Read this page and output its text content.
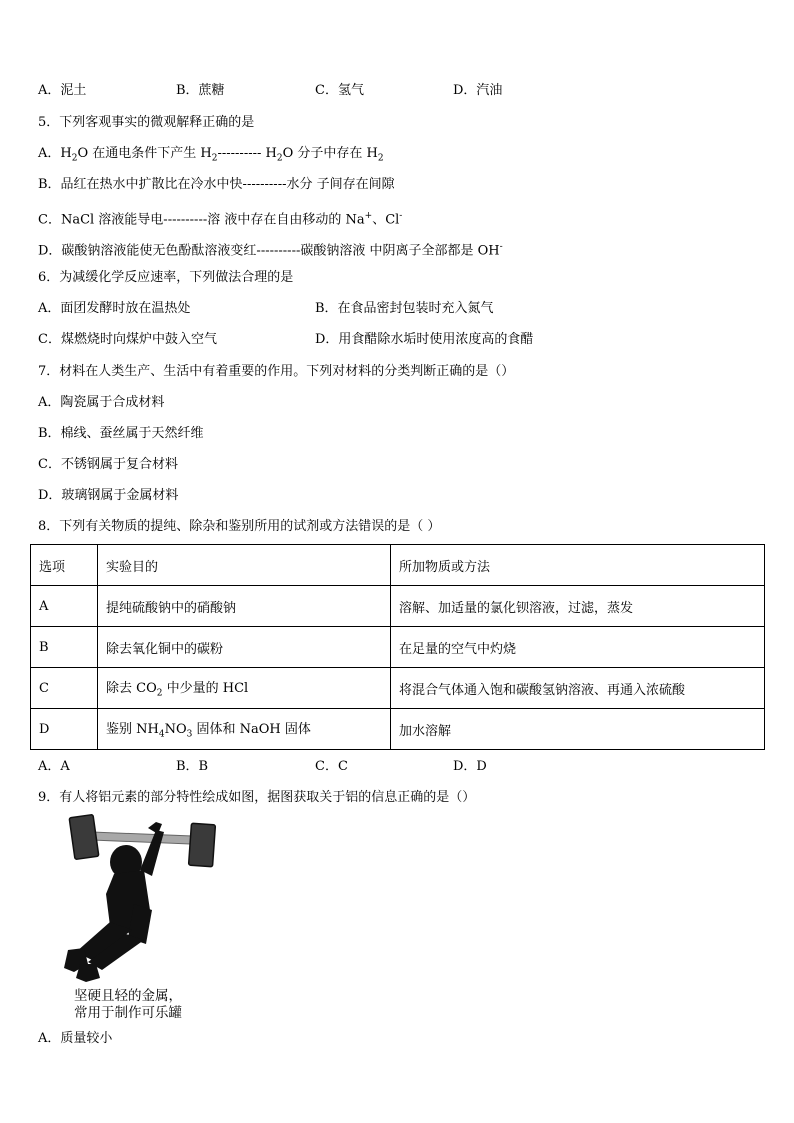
A．泥土	B．蔗糖	C．氢气	D．汽油
5．下列客观事实的微观解释正确的是
A．$H_2O$ 在通电条件下产生 $H_2----------$ $H_2O$ 分子中存在 $H_2$
B．品红在热水中扩散比在冷水中快----------水分 子间存在间隙
C．NaCl 溶液能导电----------溶 液中存在自由移动的 Na+、Cl-
D．碳酸钠溶液能使无色酚酞溶液变红----------碳酸钠溶液 中阴离子全部都是 OH-
6．为减缓化学反应速率，下列做法合理的是
A．面团发酵时放在温热处	B．在食品密封包装时充入氮气
C．煤燃烧时向煤炉中鼓入空气	D．用食醋除水垢时使用浓度高的食醋
7．材料在人类生产、生活中有着重要的作用。下列对材料的分类判断正确的是（）
A．陶瓷属于合成材料
B．棉线、蚕丝属于天然纤维
C．不锈钢属于复合材料
D．玻璃钢属于金属材料
8．下列有关物质的提纯、除杂和鉴别所用的试剂或方法错误的是（ ）
选项	实验目的	所加物质或方法
A	提纯硫酸钠中的硝酸钠	溶解、加适量的氯化钡溶液，过滤，蒸发
B	除去氧化铜中的碳粉	在足量的空气中灼烧
C	除去 $CO_2$ 中少量的 HCl	将混合气体通入饱和碳酸氢钠溶液、再通入浓硫酸
D	鉴别 $NH_4NO_3$ 固体和 NaOH 固体	加水溶解
A．A	B．B	C．C	D．D
9．有人将铝元素的部分特性绘成如图，据图获取关于铝的信息正确的是（）
坚硬且轻的金属，
常用于制作可乐罐
A．质量较小
